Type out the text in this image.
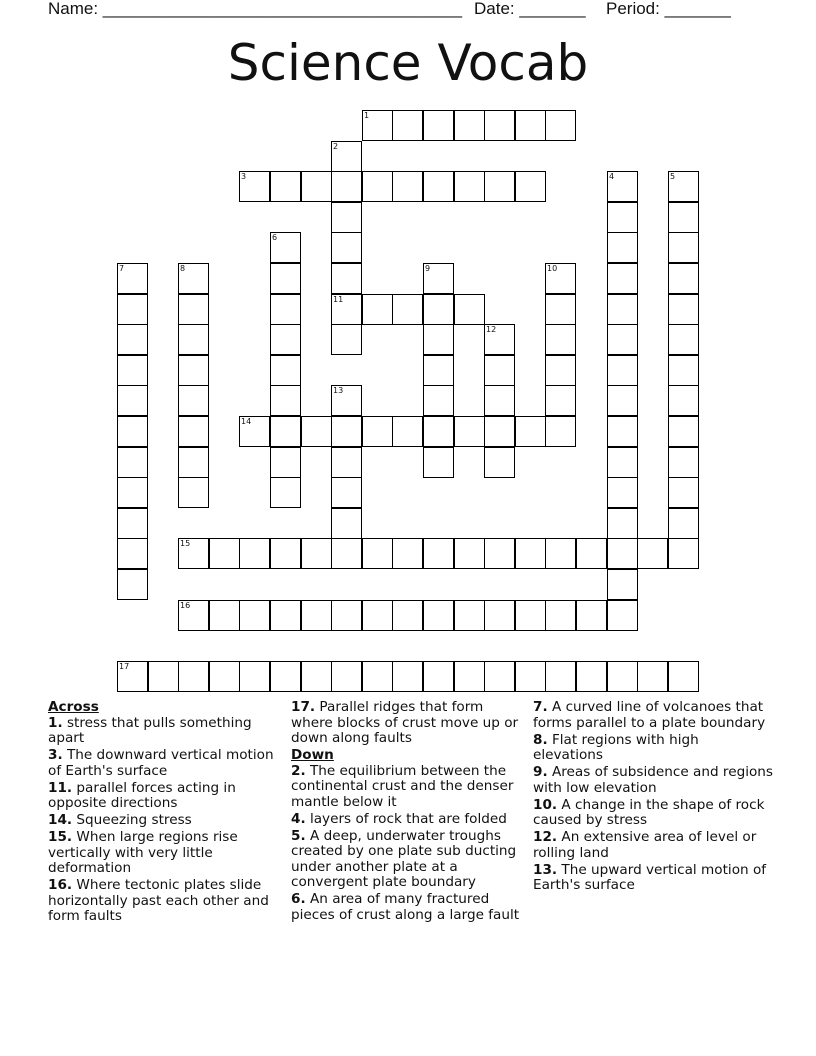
Name: ______________________________________ Date: _______ Period: _______
Science Vocab
1
2
11
3	4	5
6
7	8	9	10
12
13
14
15
16
17
Across
1. stress that pulls something apart
3. The downward vertical motion of Earth's surface
11. parallel forces acting in opposite directions
14. Squeezing stress
15. When large regions rise vertically with very little deformation
16. Where tectonic plates slide horizontally past each other and form faults
17. Parallel ridges that form where blocks of crust move up or down along faults
Down
2. The equilibrium between the continental crust and the denser mantle below it
4. layers of rock that are folded
5. A deep, underwater troughs created by one plate sub ducting under another plate at a convergent plate boundary
6. An area of many fractured pieces of crust along a large fault
7. A curved line of volcanoes that forms parallel to a plate boundary
8. Flat regions with high elevations
9. Areas of subsidence and regions with low elevation
10. A change in the shape of rock caused by stress
12. An extensive area of level or rolling land
13. The upward vertical motion of Earth's surface
